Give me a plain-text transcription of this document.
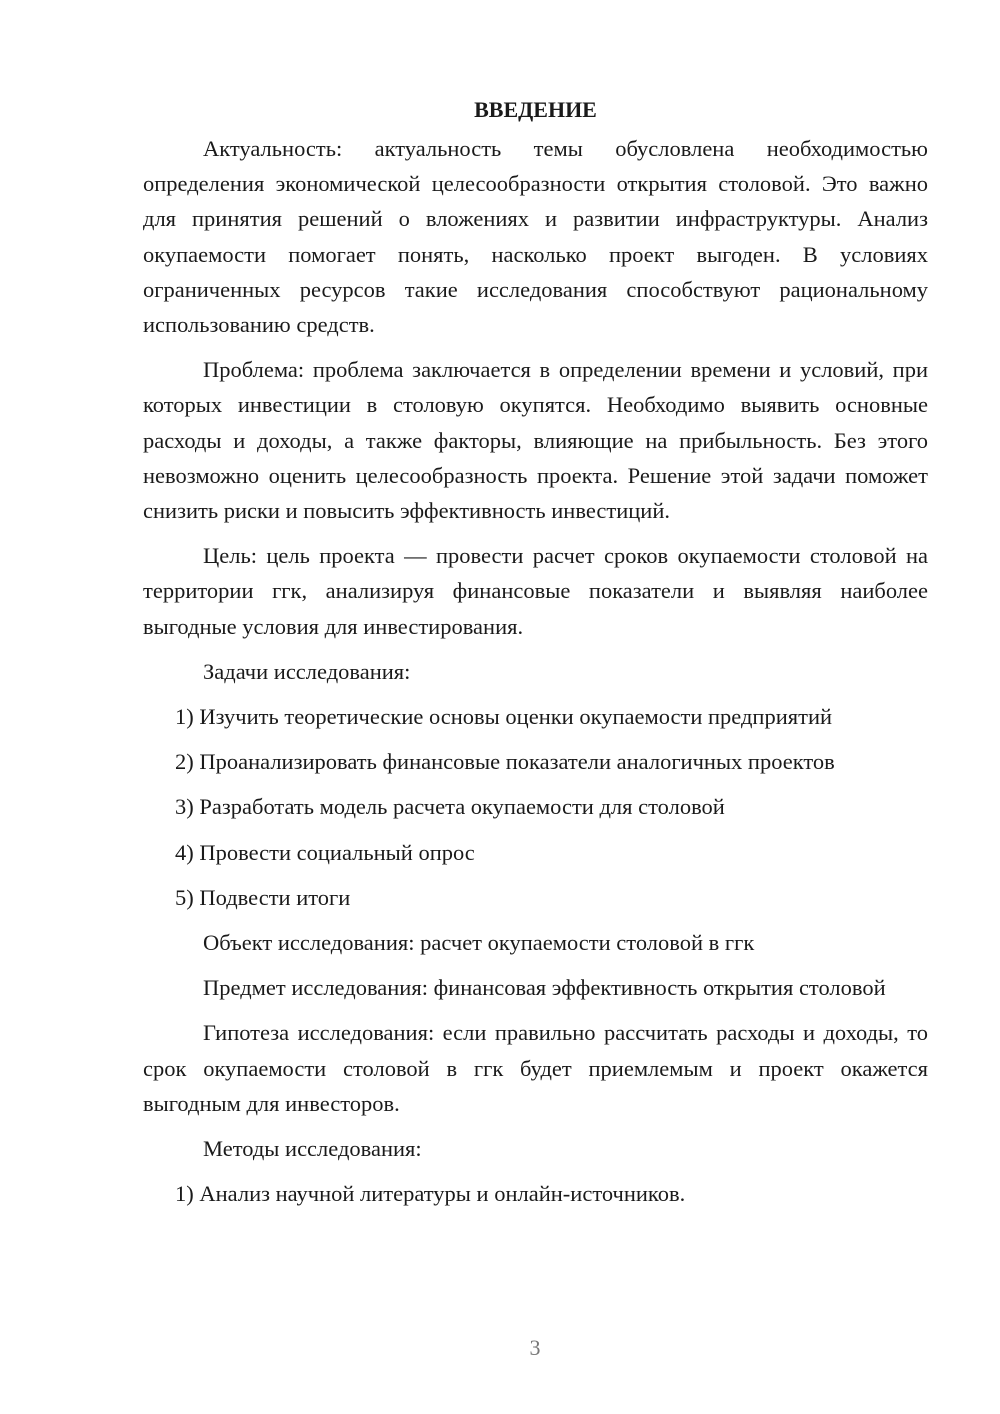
ВВЕДЕНИЕ

Актуальность: актуальность темы обусловлена необходимостью определения экономической целесообразности открытия столовой. Это важно для принятия решений о вложениях и развитии инфраструктуры. Анализ окупаемости помогает понять, насколько проект выгоден. В условиях ограниченных ресурсов такие исследования способствуют рациональному использованию средств.

Проблема: проблема заключается в определении времени и условий, при которых инвестиции в столовую окупятся. Необходимо выявить основные расходы и доходы, а также факторы, влияющие на прибыльность. Без этого невозможно оценить целесообразность проекта. Решение этой задачи поможет снизить риски и повысить эффективность инвестиций.

Цель: цель проекта — провести расчет сроков окупаемости столовой на территории ггк, анализируя финансовые показатели и выявляя наиболее выгодные условия для инвестирования.

Задачи исследования:
1) Изучить теоретические основы оценки окупаемости предприятий
2) Проанализировать финансовые показатели аналогичных проектов
3) Разработать модель расчета окупаемости для столовой
4) Провести социальный опрос
5) Подвести итоги
Объект исследования: расчет окупаемости столовой в ггк

Предмет исследования: финансовая эффективность открытия столовой

Гипотеза исследования: если правильно рассчитать расходы и доходы, то срок окупаемости столовой в ггк будет приемлемым и проект окажется выгодным для инвесторов.

Методы исследования:
1) Анализ научной литературы и онлайн-источников.
3
